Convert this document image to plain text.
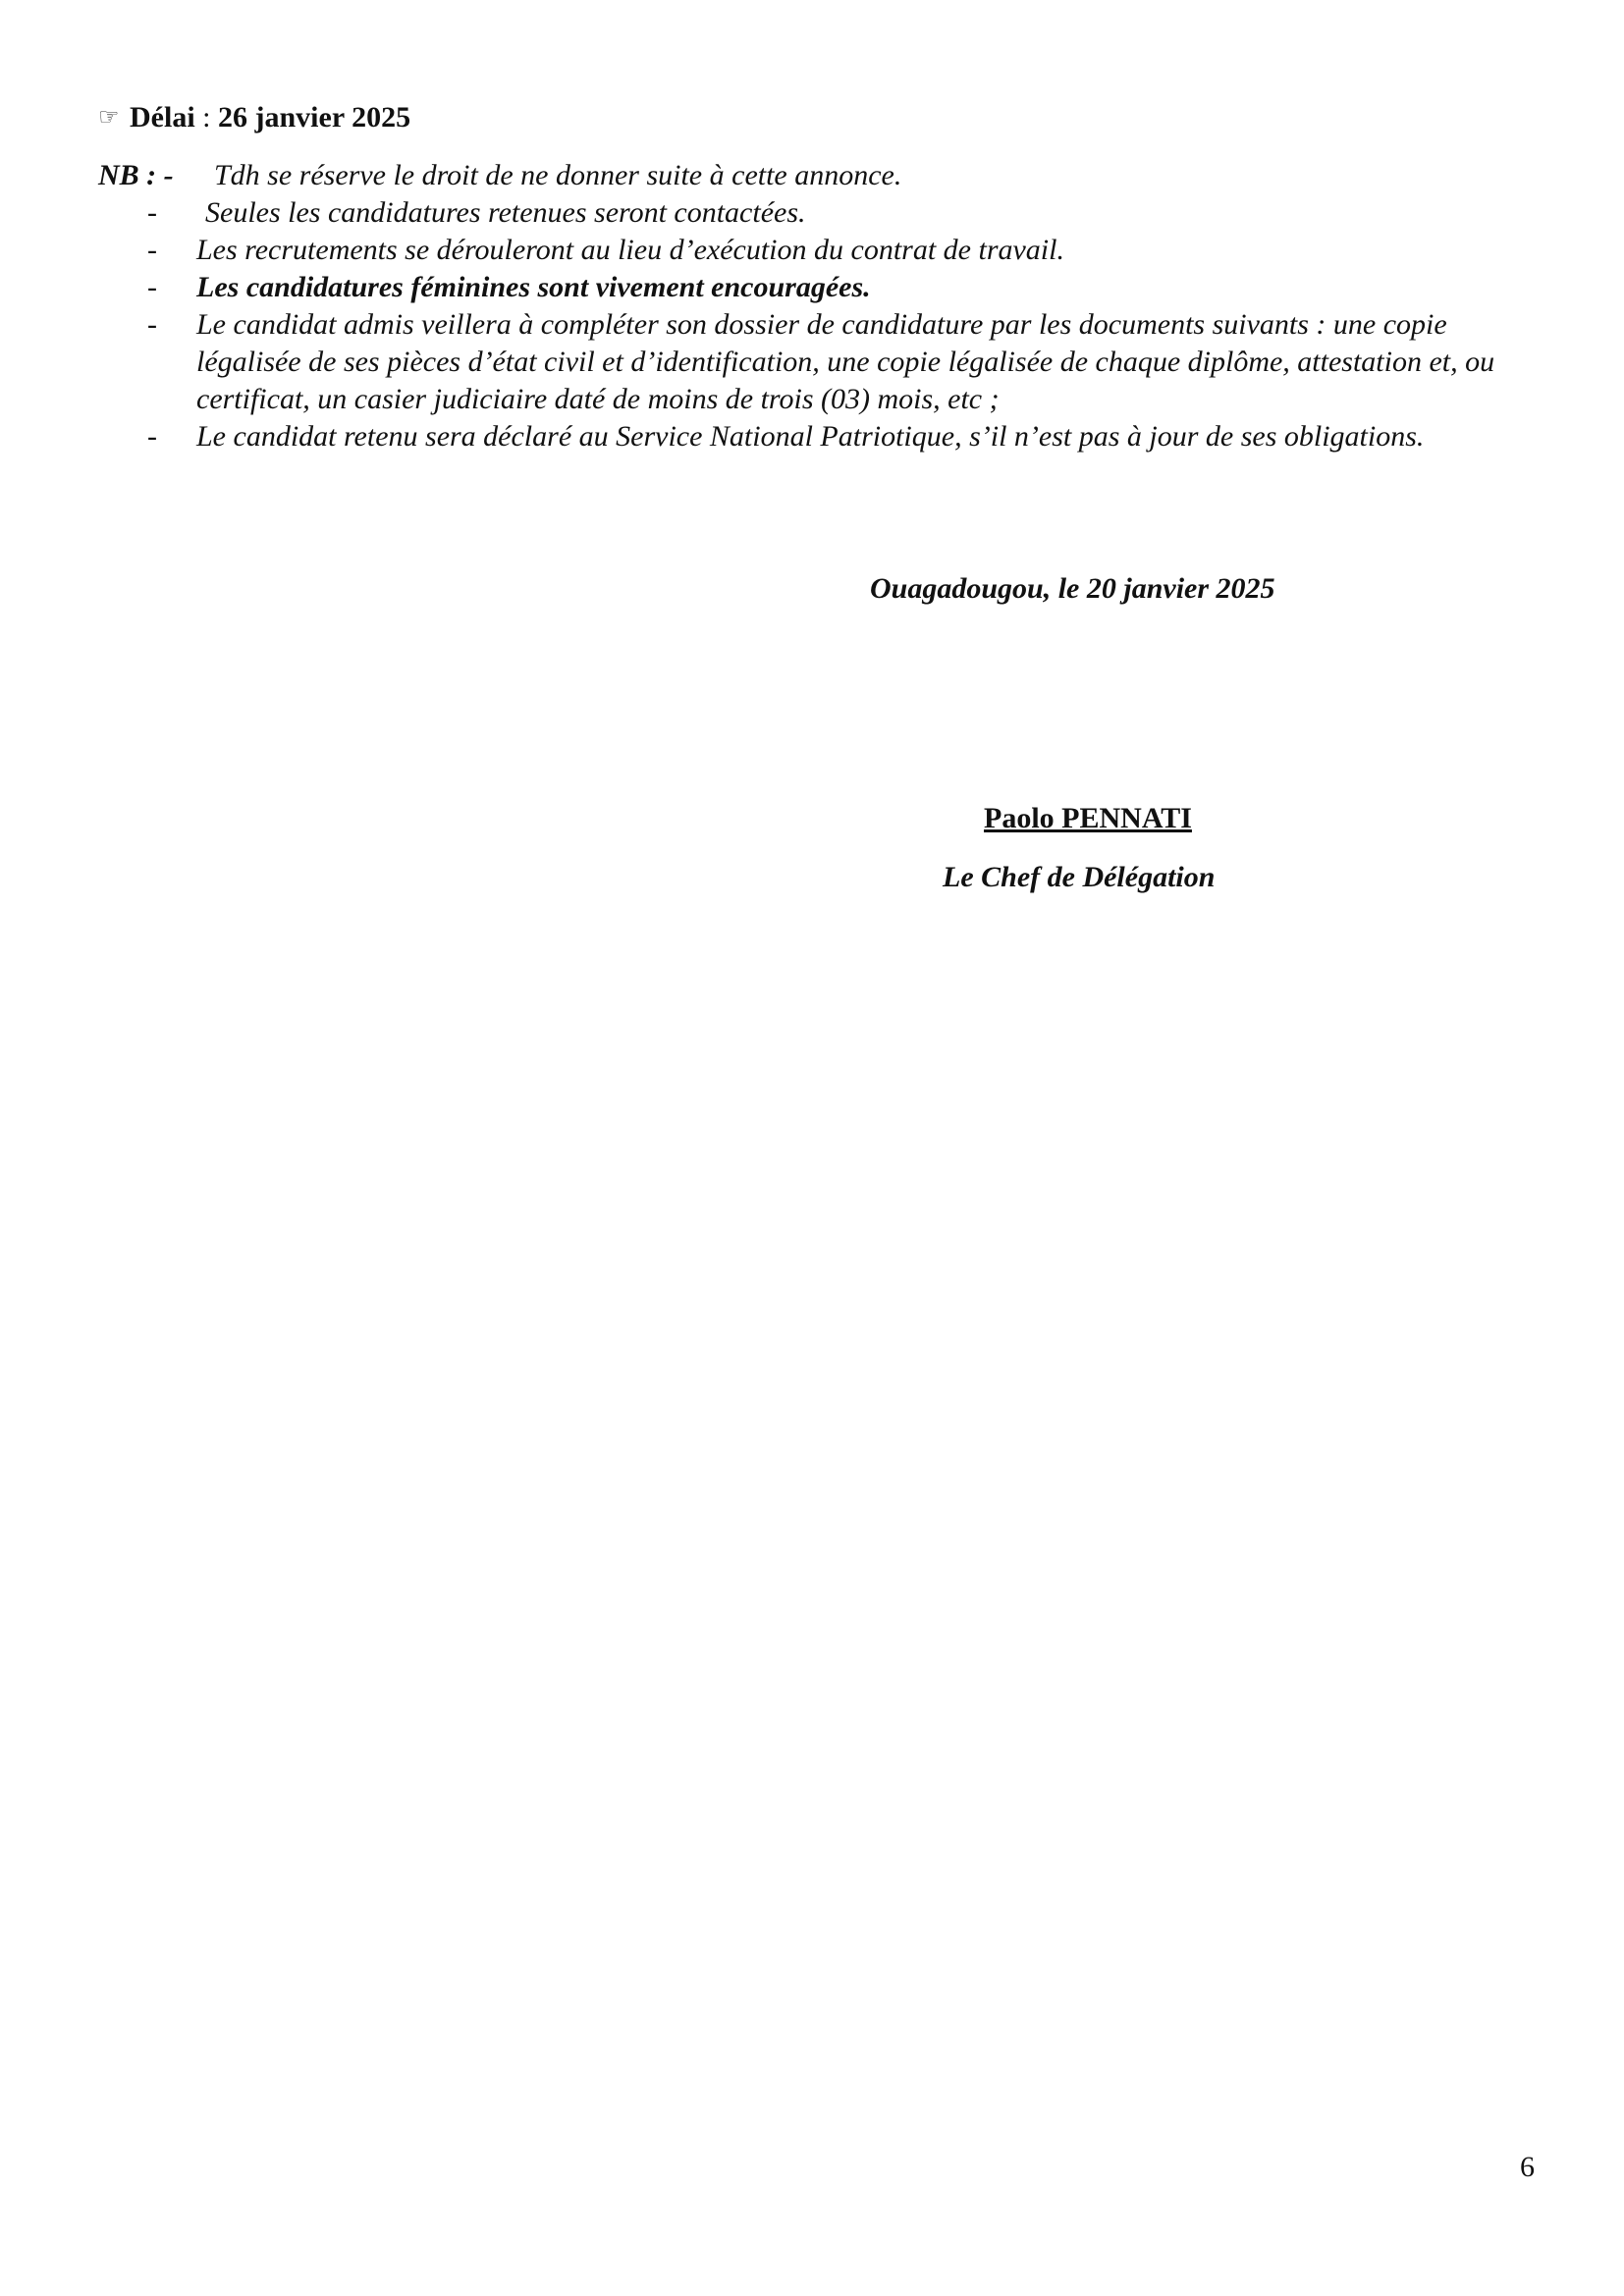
☞ Délai : 26 janvier 2025
NB : - Tdh se réserve le droit de ne donner suite à cette annonce.
- Seules les candidatures retenues seront contactées.
- Les recrutements se dérouleront au lieu d’exécution du contrat de travail.
- Les candidatures féminines sont vivement encouragées.
- Le candidat admis veillera à compléter son dossier de candidature par les documents suivants : une copie légalisée de ses pièces d’état civil et d’identification, une copie légalisée de chaque diplôme, attestation et, ou certificat, un casier judiciaire daté de moins de trois (03) mois, etc ;
- Le candidat retenu sera déclaré au Service National Patriotique, s’il n’est pas à jour de ses obligations.
Ouagadougou, le 20 janvier 2025
Paolo PENNATI
Le Chef de Délégation
6
